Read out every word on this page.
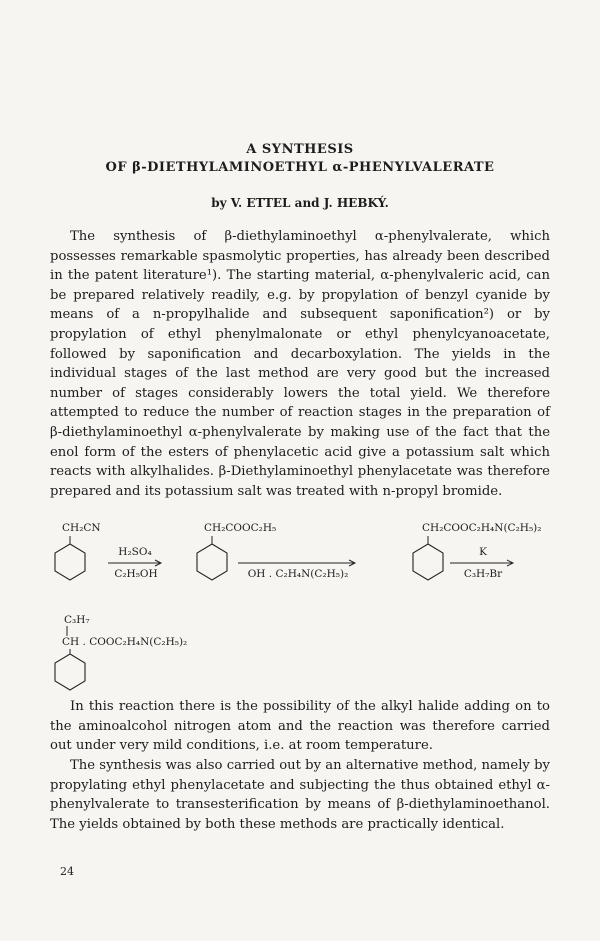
A SYNTHESIS
OF β-DIETHYLAMINOETHYL α-PHENYLVALERATE
by V. ETTEL and J. HEBKÝ.

The synthesis of β-diethylaminoethyl α-phenylvalerate, which possesses remarkable spasmolytic properties, has already been described in the patent literature¹). The starting material, α-phenylvaleric acid, can be prepared relatively readily, e.g. by propylation of benzyl cyanide by means of a n-propylhalide and subsequent saponification²) or by propylation of ethyl phenylmalonate or ethyl phenylcyanoacetate, followed by saponification and decarboxylation. The yields in the individual stages of the last method are very good but the increased number of stages considerably lowers the total yield. We therefore attempted to reduce the number of reaction stages in the preparation of β-diethylaminoethyl α-phenylvalerate by making use of the fact that the enol form of the esters of phenylacetic acid give a potassium salt which reacts with alkylhalides. β-Diethylaminoethyl phenylacetate was therefore prepared and its potassium salt was treated with n-propyl bromide.

CH₂CN
H₂SO₄
C₂H₅OH
CH₂COOC₂H₅
OH . C₂H₄N(C₂H₅)₂
CH₂COOC₂H₄N(C₂H₅)₂
K
C₃H₇Br
C₃H₇
CH . COOC₂H₄N(C₂H₅)₂

In this reaction there is the possibility of the alkyl halide adding on to the aminoalcohol nitrogen atom and the reaction was therefore carried out under very mild conditions, i.e. at room temperature.

The synthesis was also carried out by an alternative method, namely by propylating ethyl phenylacetate and subjecting the thus obtained ethyl α-phenylvalerate to transesterification by means of β-diethylaminoethanol. The yields obtained by both these methods are practically identical.

24
